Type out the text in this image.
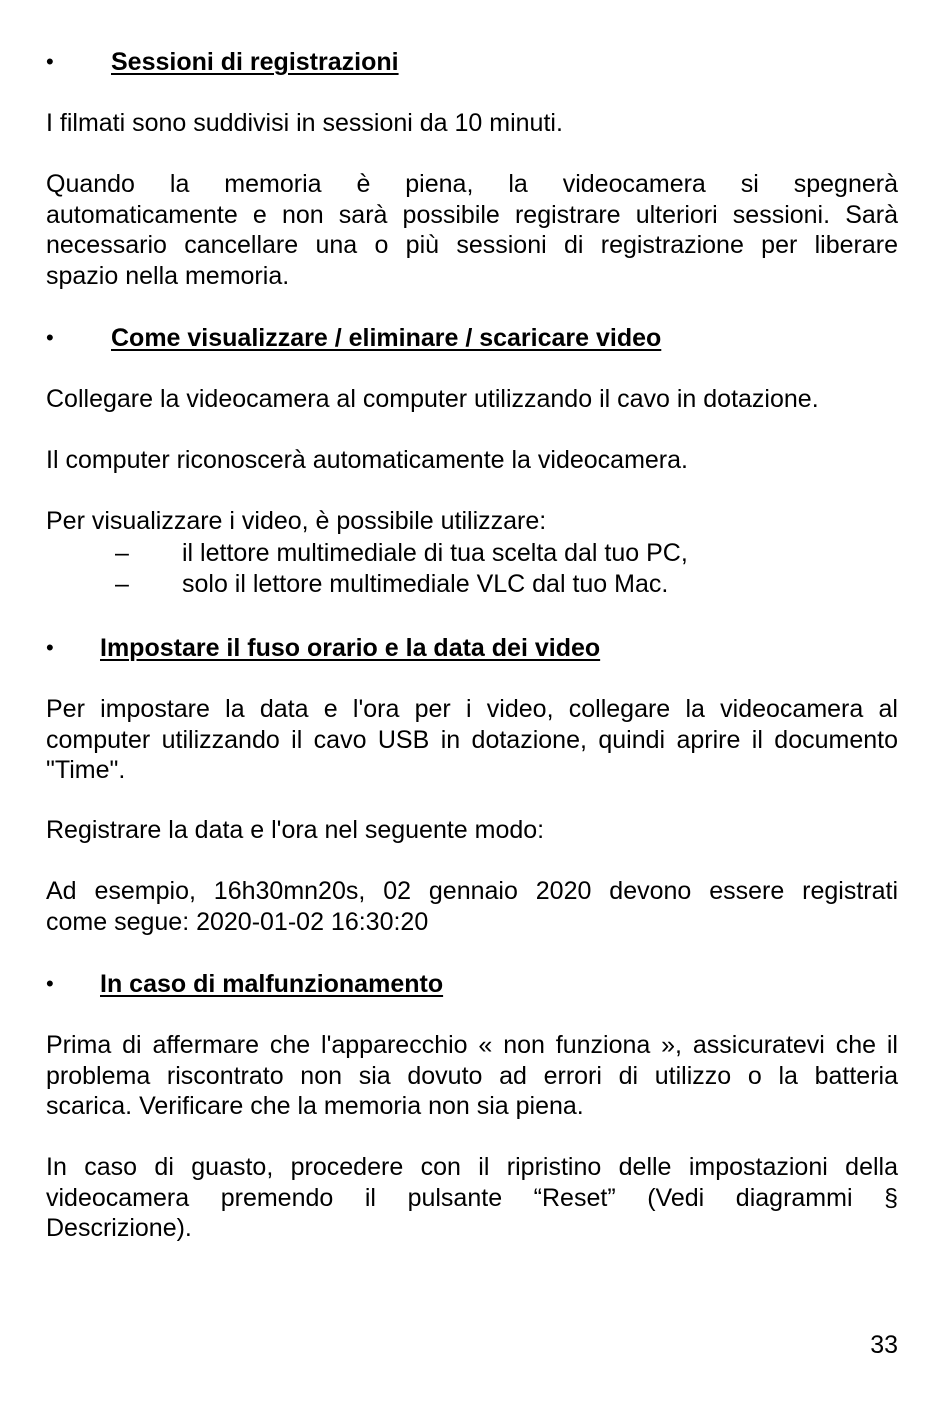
• Sessioni di registrazioni

I filmati sono suddivisi in sessioni da 10 minuti.

Quando la memoria è piena, la videocamera si spegnerà
automaticamente e non sarà possibile registrare ulteriori sessioni. Sarà
necessario cancellare una o più sessioni di registrazione per liberare
spazio nella memoria.

• Come visualizzare / eliminare / scaricare video

Collegare la videocamera al computer utilizzando il cavo in dotazione.

Il computer riconoscerà automaticamente la videocamera.

Per visualizzare i video, è possibile utilizzare:

– il lettore multimediale di tua scelta dal tuo PC,
– solo il lettore multimediale VLC dal tuo Mac.
• Impostare il fuso orario e la data dei video

Per impostare la data e l'ora per i video, collegare la videocamera al
computer utilizzando il cavo USB in dotazione, quindi aprire il documento
"Time".

Registrare la data e l'ora nel seguente modo:

Ad esempio, 16h30mn20s, 02 gennaio 2020 devono essere registrati
come segue: 2020-01-02 16:30:20

• In caso di malfunzionamento

Prima di affermare che l'apparecchio « non funziona », assicuratevi che il
problema riscontrato non sia dovuto ad errori di utilizzo o la batteria
scarica. Verificare che la memoria non sia piena.

In caso di guasto, procedere con il ripristino delle impostazioni della
videocamera premendo il pulsante “Reset” (Vedi diagrammi §
Descrizione).

33
